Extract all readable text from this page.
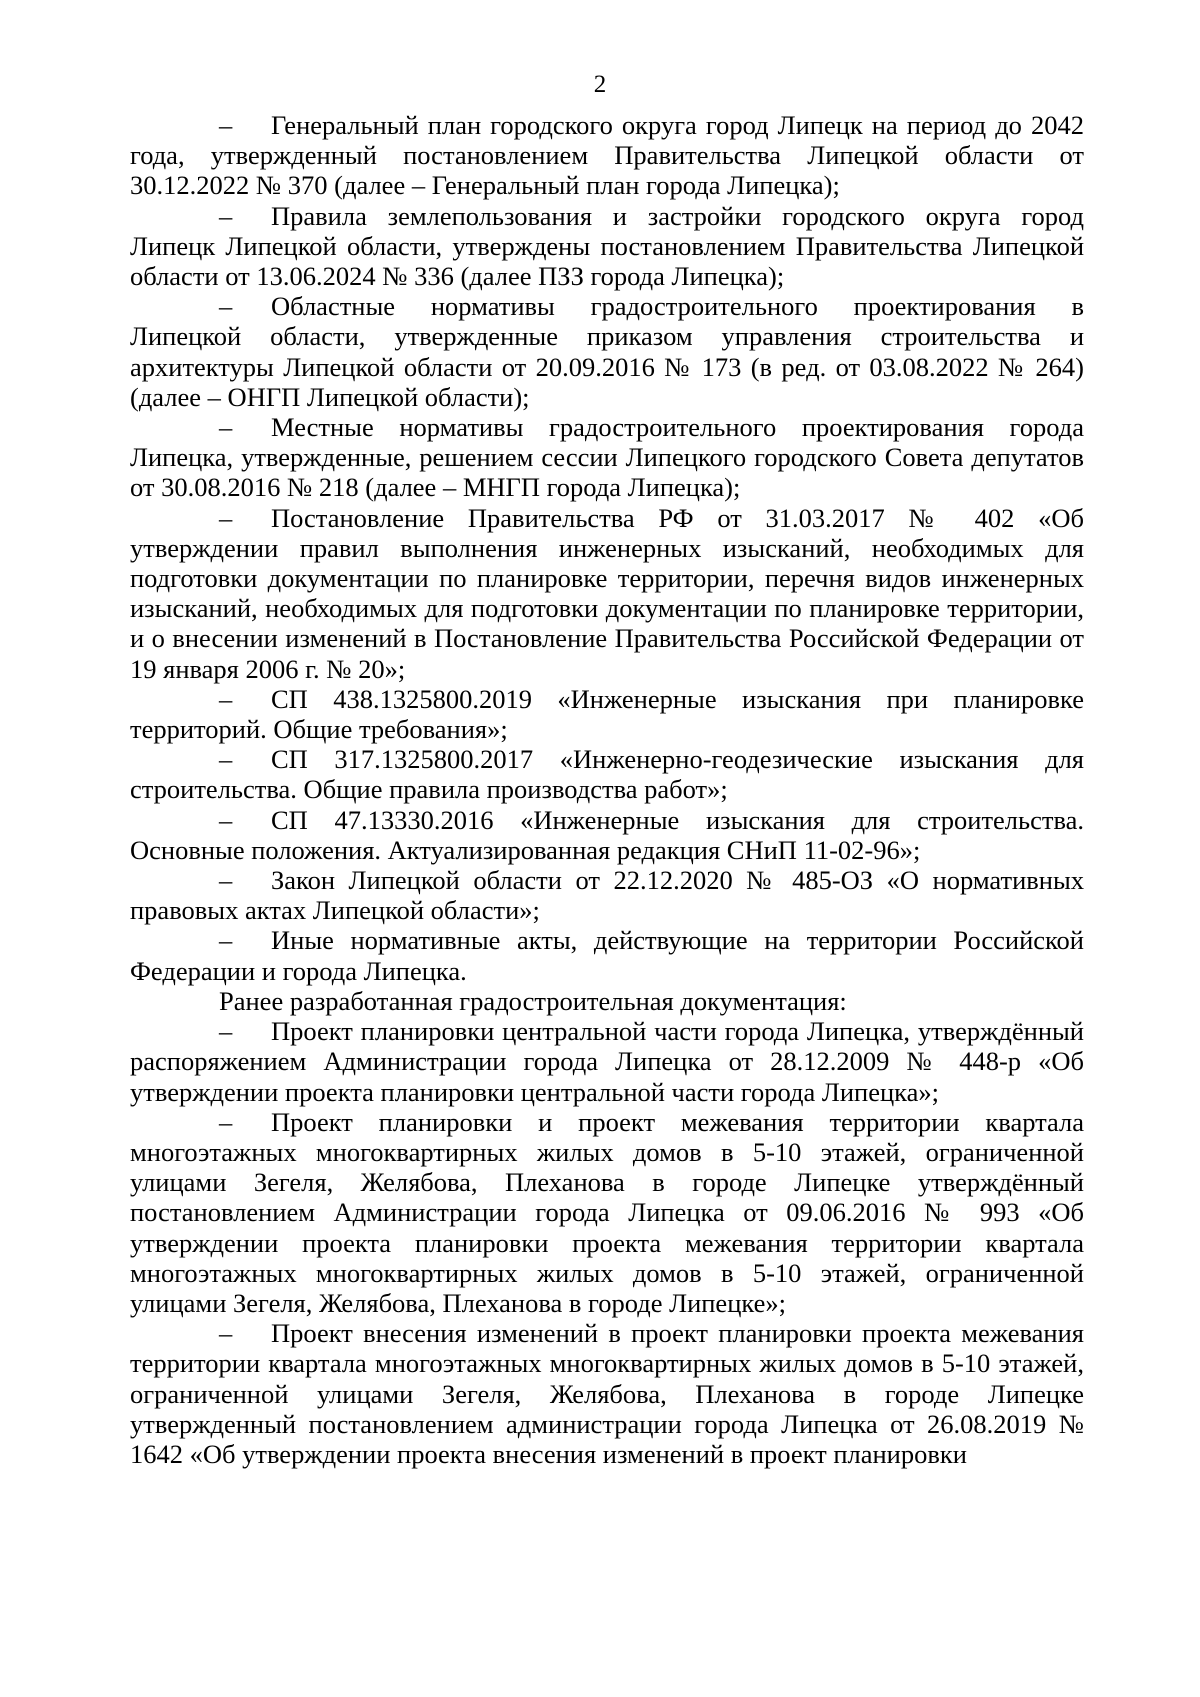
2

– Генеральный план городского округа город Липецк на период до 2042 года, утвержденный постановлением Правительства Липецкой области от 30.12.2022 № 370 (далее – Генеральный план города Липецка);

– Правила землепользования и застройки городского округа город Липецк Липецкой области, утверждены постановлением Правительства Липецкой области от 13.06.2024 № 336 (далее ПЗЗ города Липецка);

– Областные нормативы градостроительного проектирования в Липецкой области, утвержденные приказом управления строительства и архитектуры Липецкой области от 20.09.2016 № 173 (в ред. от 03.08.2022 № 264) (далее – ОНГП Липецкой области);

– Местные нормативы градостроительного проектирования города Липецка, утвержденные, решением сессии Липецкого городского Совета депутатов от 30.08.2016 № 218 (далее – МНГП города Липецка);

– Постановление Правительства РФ от 31.03.2017 № 402 «Об утверждении правил выполнения инженерных изысканий, необходимых для подготовки документации по планировке территории, перечня видов инженерных изысканий, необходимых для подготовки документации по планировке территории, и о внесении изменений в Постановление Правительства Российской Федерации от 19 января 2006 г. № 20»;

– СП 438.1325800.2019 «Инженерные изыскания при планировке территорий. Общие требования»;

– СП 317.1325800.2017 «Инженерно-геодезические изыскания для строительства. Общие правила производства работ»;

– СП 47.13330.2016 «Инженерные изыскания для строительства. Основные положения. Актуализированная редакция СНиП 11-02-96»;

– Закон Липецкой области от 22.12.2020 № 485-ОЗ «О нормативных правовых актах Липецкой области»;

– Иные нормативные акты, действующие на территории Российской Федерации и города Липецка.

Ранее разработанная градостроительная документация:

– Проект планировки центральной части города Липецка, утверждённый распоряжением Администрации города Липецка от 28.12.2009 № 448-р «Об утверждении проекта планировки центральной части города Липецка»;

– Проект планировки и проект межевания территории квартала многоэтажных многоквартирных жилых домов в 5-10 этажей, ограниченной улицами Зегеля, Желябова, Плеханова в городе Липецке утверждённый постановлением Администрации города Липецка от 09.06.2016 № 993 «Об утверждении проекта планировки проекта межевания территории квартала многоэтажных многоквартирных жилых домов в 5-10 этажей, ограниченной улицами Зегеля, Желябова, Плеханова в городе Липецке»;

– Проект внесения изменений в проект планировки проекта межевания территории квартала многоэтажных многоквартирных жилых домов в 5-10 этажей, ограниченной улицами Зегеля, Желябова, Плеханова в городе Липецке утвержденный постановлением администрации города Липецка от 26.08.2019 № 1642 «Об утверждении проекта внесения изменений в проект планировки
